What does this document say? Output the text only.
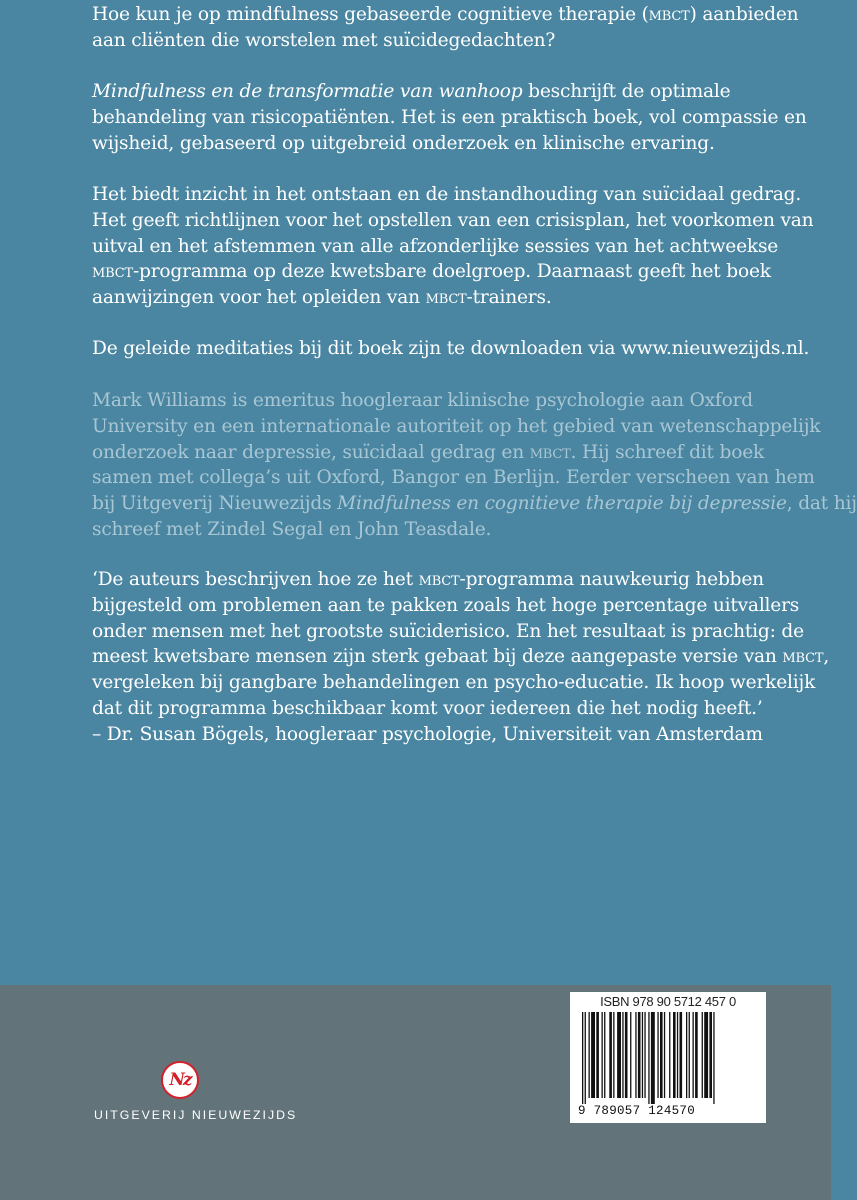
Hoe kun je op mindfulness gebaseerde cognitieve therapie (mbct) aanbieden
aan cliënten die worstelen met suïcidegedachten?

Mindfulness en de transformatie van wanhoop beschrijft de optimale
behandeling van risicopatiënten. Het is een praktisch boek, vol compassie en
wijsheid, gebaseerd op uitgebreid onderzoek en klinische ervaring.

Het biedt inzicht in het ontstaan en de instandhouding van suïcidaal gedrag.
Het geeft richtlijnen voor het opstellen van een crisisplan, het voorkomen van
uitval en het afstemmen van alle afzonderlijke sessies van het achtweekse
mbct-programma op deze kwetsbare doelgroep. Daarnaast geeft het boek
aanwijzingen voor het opleiden van mbct-trainers.

De geleide meditaties bij dit boek zijn te downloaden via www.nieuwezijds.nl.

Mark Williams is emeritus hoogleraar klinische psychologie aan Oxford
University en een internationale autoriteit op het gebied van wetenschappelijk
onderzoek naar depressie, suïcidaal gedrag en mbct. Hij schreef dit boek
samen met collega’s uit Oxford, Bangor en Berlijn. Eerder verscheen van hem
bij Uitgeverij Nieuwezijds Mindfulness en cognitieve therapie bij depressie, dat hij
schreef met Zindel Segal en John Teasdale.

‘De auteurs beschrijven hoe ze het mbct-programma nauwkeurig hebben
bijgesteld om problemen aan te pakken zoals het hoge percentage uitvallers
onder mensen met het grootste suïciderisico. En het resultaat is prachtig: de
meest kwetsbare mensen zijn sterk gebaat bij deze aangepaste versie van mbct,
vergeleken bij gangbare behandelingen en psycho-educatie. Ik hoop werkelijk
dat dit programma beschikbaar komt voor iedereen die het nodig heeft.’
– Dr. Susan Bögels, hoogleraar psychologie, Universiteit van Amsterdam

Nz
UITGEVERIJ NIEUWEZIJDS
ISBN 978 90 5712 457 0
9 789057 124570
